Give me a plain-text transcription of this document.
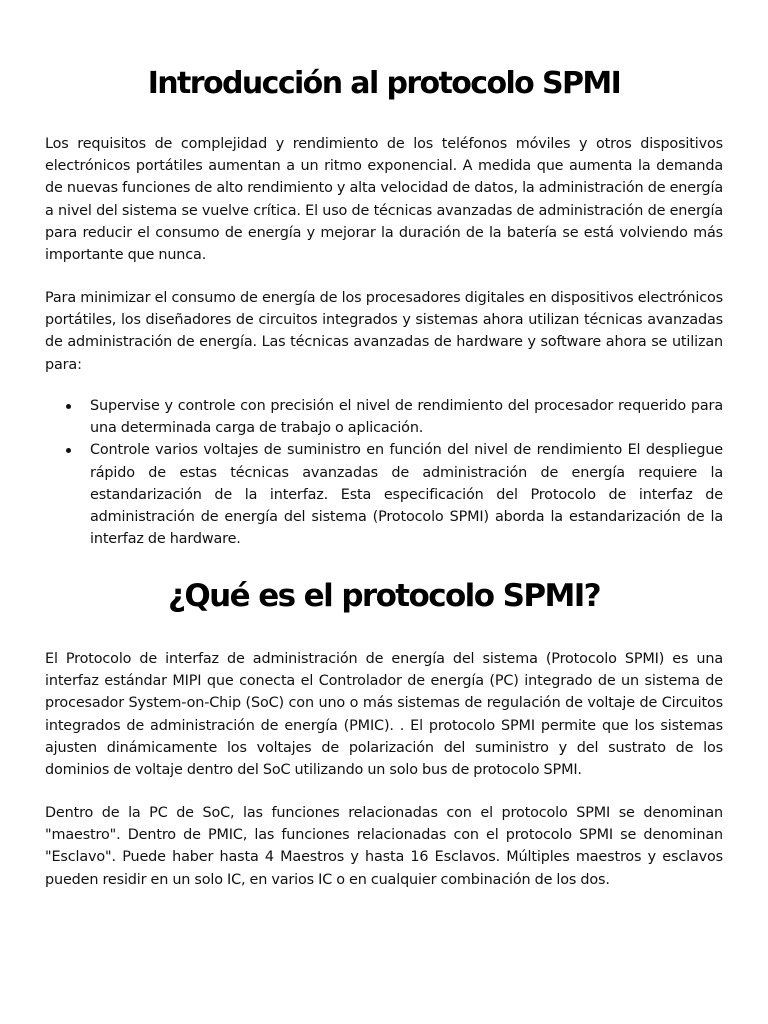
Introducción al protocolo SPMI

Los requisitos de complejidad y rendimiento de los teléfonos móviles y otros dispositivos electrónicos portátiles aumentan a un ritmo exponencial. A medida que aumenta la demanda de nuevas funciones de alto rendimiento y alta velocidad de datos, la administración de energía a nivel del sistema se vuelve crítica. El uso de técnicas avanzadas de administración de energía para reducir el consumo de energía y mejorar la duración de la batería se está volviendo más importante que nunca.

Para minimizar el consumo de energía de los procesadores digitales en dispositivos electrónicos portátiles, los diseñadores de circuitos integrados y sistemas ahora utilizan técnicas avanzadas de administración de energía. Las técnicas avanzadas de hardware y software ahora se utilizan para:

Supervise y controle con precisión el nivel de rendimiento del procesador requerido para una determinada carga de trabajo o aplicación.
Controle varios voltajes de suministro en función del nivel de rendimiento El despliegue rápido de estas técnicas avanzadas de administración de energía requiere la estandarización de la interfaz. Esta especificación del Protocolo de interfaz de administración de energía del sistema (Protocolo SPMI) aborda la estandarización de la interfaz de hardware.
¿Qué es el protocolo SPMI?

El Protocolo de interfaz de administración de energía del sistema (Protocolo SPMI) es una interfaz estándar MIPI que conecta el Controlador de energía (PC) integrado de un sistema de procesador System-on-Chip (SoC) con uno o más sistemas de regulación de voltaje de Circuitos integrados de administración de energía (PMIC). . El protocolo SPMI permite que los sistemas ajusten dinámicamente los voltajes de polarización del suministro y del sustrato de los dominios de voltaje dentro del SoC utilizando un solo bus de protocolo SPMI.

Dentro de la PC de SoC, las funciones relacionadas con el protocolo SPMI se denominan "maestro". Dentro de PMIC, las funciones relacionadas con el protocolo SPMI se denominan "Esclavo". Puede haber hasta 4 Maestros y hasta 16 Esclavos. Múltiples maestros y esclavos pueden residir en un solo IC, en varios IC o en cualquier combinación de los dos.
